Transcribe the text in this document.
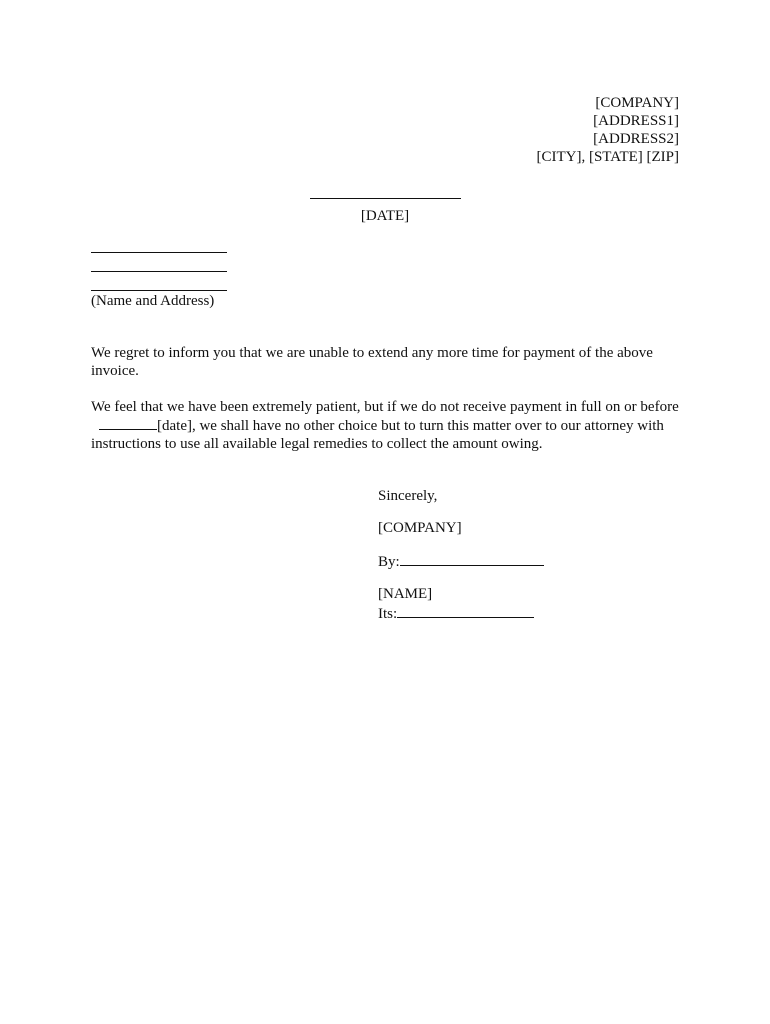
[COMPANY]
[ADDRESS1]
[ADDRESS2]
[CITY], [STATE] [ZIP]
[DATE]
(Name and Address)

We regret to inform you that we are unable to extend any more time for payment of the above invoice.

We feel that we have been extremely patient, but if we do not receive payment in full on or before [date], we shall have no other choice but to turn this matter over to our attorney with instructions to use all available legal remedies to collect the amount owing.

Sincerely,
[COMPANY]
By:
[NAME]
Its:
